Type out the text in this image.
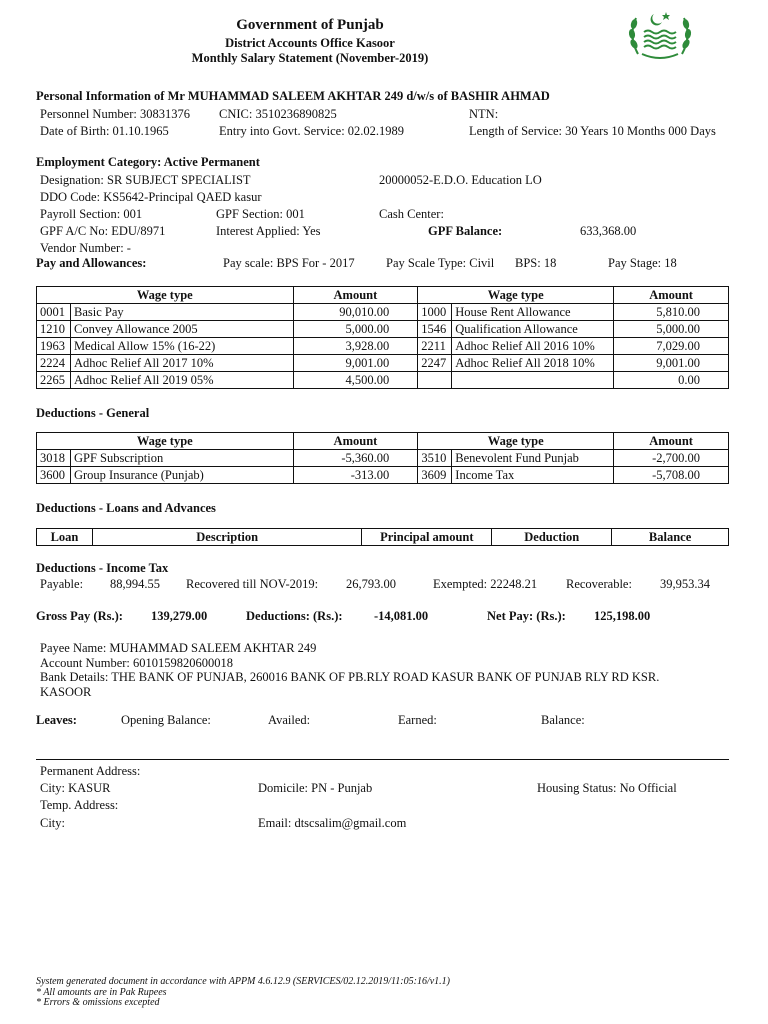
Government of Punjab
District Accounts Office Kasoor
Monthly Salary Statement (November-2019)
Personal Information of Mr MUHAMMAD SALEEM AKHTAR 249 d/w/s of BASHIR AHMAD
Personnel Number: 30831376 CNIC: 3510236890825	NTN:
Date of Birth: 01.10.1965	Entry into Govt. Service: 02.02.1989	Length of Service: 30 Years 10 Months 000 Days
Employment Category: Active Permanent
Designation: SR SUBJECT SPECIALIST	20000052-E.D.O. Education LO
DDO Code: KS5642-Principal QAED kasur
Payroll Section: 001	GPF Section: 001	Cash Center:
GPF A/C No: EDU/8971	Interest Applied: Yes	GPF Balance:	633,368.00
Vendor Number: -
Pay and Allowances:	Pay scale: BPS For - 2017	Pay Scale Type: Civil BPS: 18	Pay Stage: 18
Wage type		Amount	Wage type		Amount
0001	Basic Pay	90,010.00	1000	House Rent Allowance	5,810.00
1210	Convey Allowance 2005	5,000.00	1546	Qualification Allowance	5,000.00
1963	Medical Allow 15% (16-22)	3,928.00	2211	Adhoc Relief All 2016 10%	7,029.00
2224	Adhoc Relief All 2017 10%	9,001.00	2247	Adhoc Relief All 2018 10%	9,001.00
2265	Adhoc Relief All 2019 05%	4,500.00			0.00
Deductions - General
Wage type		Amount	Wage type		Amount
3018	GPF Subscription	-5,360.00	3510	Benevolent Fund Punjab	-2,700.00
3600	Group Insurance (Punjab)	-313.00	3609	Income Tax	-5,708.00
Deductions - Loans and Advances
Loan	Description	Principal amount	Deduction	Balance
Deductions - Income Tax
Payable: 88,994.55 Recovered till NOV-2019: 26,793.00	Exempted: 22248.21 Recoverable: 39,953.34
Gross Pay (Rs.): 139,279.00	Deductions: (Rs.):	-14,081.00	Net Pay: (Rs.): 125,198.00
Payee Name: MUHAMMAD SALEEM AKHTAR 249
Account Number: 6010159820600018
Bank Details: THE BANK OF PUNJAB, 260016 BANK OF PB.RLY ROAD KASUR BANK OF PUNJAB RLY RD KSR.
KASOOR
Leaves:	Opening Balance:	Availed:	Earned:	Balance:
Permanent Address:
City: KASUR	Domicile: PN - Punjab	Housing Status: No Official
Temp. Address:
City:	Email: dtscsalim@gmail.com
System generated document in accordance with APPM 4.6.12.9 (SERVICES/02.12.2019/11:05:16/v1.1)
* All amounts are in Pak Rupees
* Errors & omissions excepted
